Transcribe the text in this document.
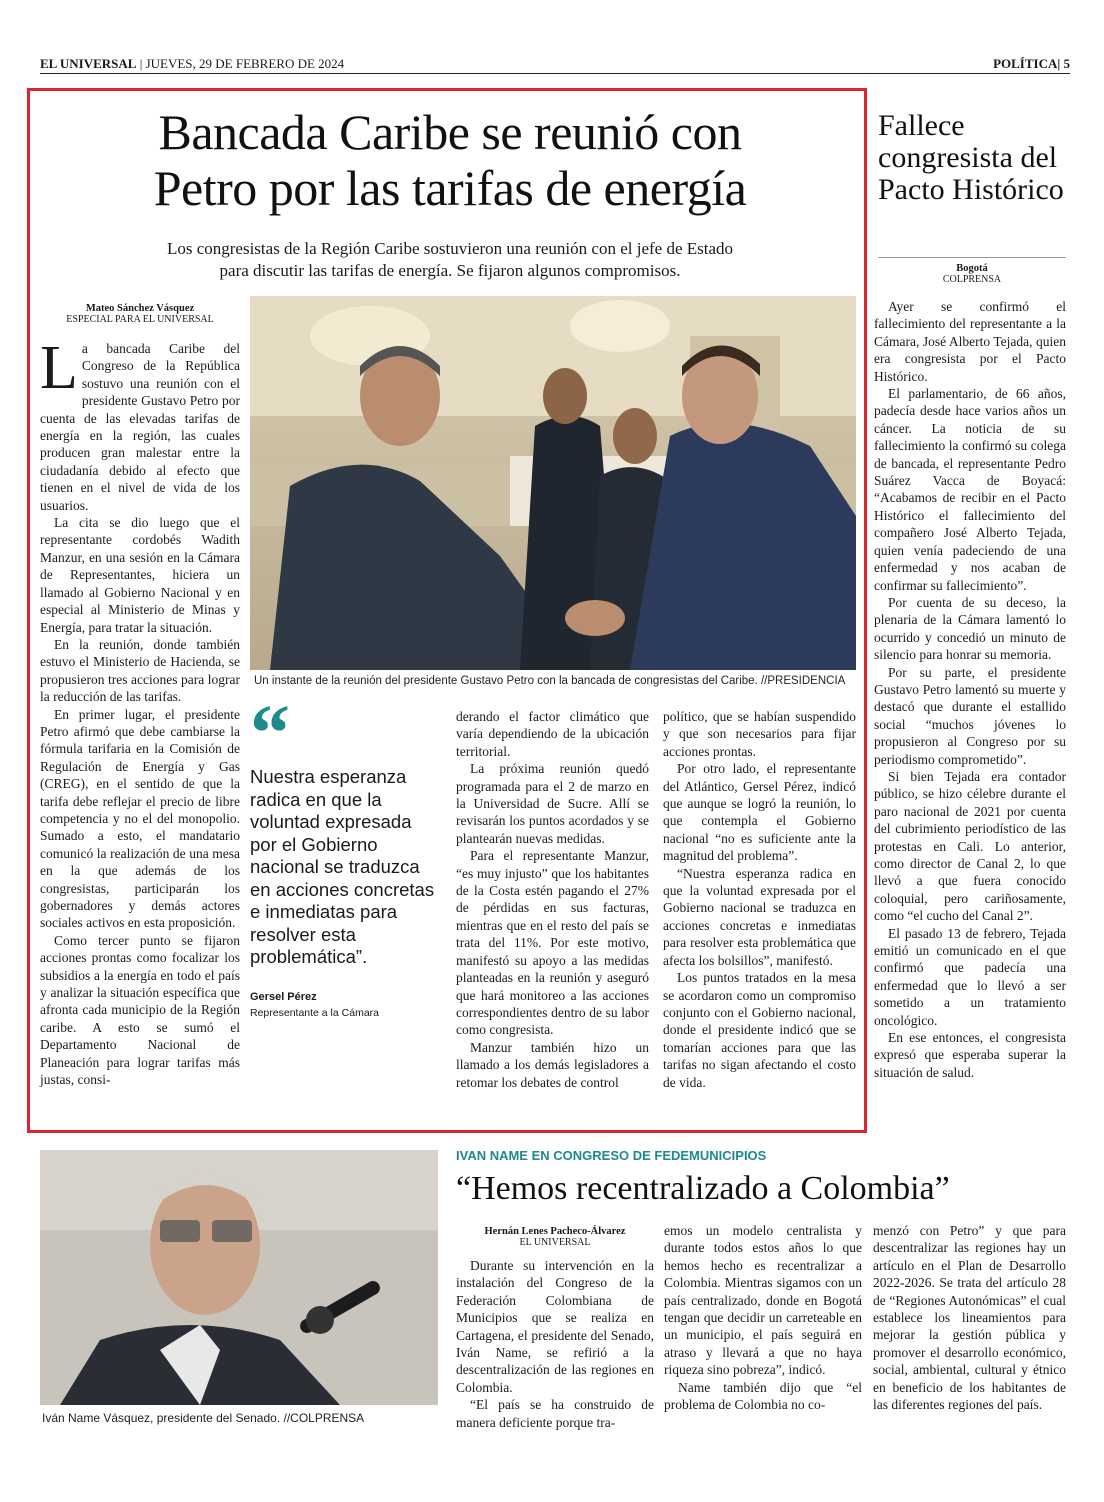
EL UNIVERSAL | JUEVES, 29 DE FEBRERO DE 2024	POLÍTICA| 5
Bancada Caribe se reunió con
Petro por las tarifas de energía
Los congresistas de la Región Caribe sostuvieron una reunión con el jefe de Estado
para discutir las tarifas de energía. Se fijaron algunos compromisos.
Mateo Sánchez Vásquez
ESPECIAL PARA EL UNIVERSAL

La bancada Caribe del Congreso de la República sostuvo una reunión con el presidente Gustavo Petro por cuenta de las elevadas tarifas de energía en la región, las cuales producen gran malestar entre la ciudadanía debido al efecto que tienen en el nivel de vida de los usuarios.

La cita se dio luego que el representante cordobés Wadith Manzur, en una sesión en la Cámara de Representantes, hiciera un llamado al Gobierno Nacional y en especial al Ministerio de Minas y Energía, para tratar la situación.

En la reunión, donde también estuvo el Ministerio de Hacienda, se propusieron tres acciones para lograr la reducción de las tarifas.

En primer lugar, el presidente Petro afirmó que debe cambiarse la fórmula tarifaria en la Comisión de Regulación de Energía y Gas (CREG), en el sentido de que la tarifa debe reflejar el precio de libre competencia y no el del monopolio. Sumado a esto, el mandatario comunicó la realización de una mesa en la que además de los congresistas, participarán los gobernadores y demás actores sociales activos en esta proposición.

Como tercer punto se fijaron acciones prontas como focalizar los subsidios a la energía en todo el país y analizar la situación específica que afronta cada municipio de la Región caribe. A esto se sumó el Departamento Nacional de Planeación para lograr tarifas más justas, consi-

Un instante de la reunión del presidente Gustavo Petro con la bancada de congresistas del Caribe. //PRESIDENCIA
“
Nuestra esperanza radica en que la voluntad expresada por el Gobierno nacional se traduzca en acciones concretas e inmediatas para resolver esta problemática”.
Gersel Pérez
Representante a la Cámara

derando el factor climático que varía dependiendo de la ubicación territorial.

La próxima reunión quedó programada para el 2 de marzo en la Universidad de Sucre. Allí se revisarán los puntos acordados y se plantearán nuevas medidas.

Para el representante Manzur, “es muy injusto” que los habitantes de la Costa estén pagando el 27% de pérdidas en sus facturas, mientras que en el resto del país se trata del 11%. Por este motivo, manifestó su apoyo a las medidas planteadas en la reunión y aseguró que hará monitoreo a las acciones correspondientes dentro de su labor como congresista.

Manzur también hizo un llamado a los demás legisladores a retomar los debates de control

político, que se habían suspendido y que son necesarios para fijar acciones prontas.

Por otro lado, el representante del Atlántico, Gersel Pérez, indicó que aunque se logró la reunión, lo que contempla el Gobierno nacional “no es suficiente ante la magnitud del problema”.

“Nuestra esperanza radica en que la voluntad expresada por el Gobierno nacional se traduzca en acciones concretas e inmediatas para resolver esta problemática que afecta los bolsillos”, manifestó.

Los puntos tratados en la mesa se acordaron como un compromiso conjunto con el Gobierno nacional, donde el presidente indicó que se tomarían acciones para que las tarifas no sigan afectando el costo de vida.

Fallece congresista del Pacto Histórico
Bogotá
COLPRENSA

Ayer se confirmó el fallecimiento del representante a la Cámara, José Alberto Tejada, quien era congresista por el Pacto Histórico.

El parlamentario, de 66 años, padecía desde hace varios años un cáncer. La noticia de su fallecimiento la confirmó su colega de bancada, el representante Pedro Suárez Vacca de Boyacá: “Acabamos de recibir en el Pacto Histórico el fallecimiento del compañero José Alberto Tejada, quien venía padeciendo de una enfermedad y nos acaban de confirmar su fallecimiento”.

Por cuenta de su deceso, la plenaria de la Cámara lamentó lo ocurrido y concedió un minuto de silencio para honrar su memoria.

Por su parte, el presidente Gustavo Petro lamentó su muerte y destacó que durante el estallido social “muchos jóvenes lo propusieron al Congreso por su periodismo comprometido”.

Si bien Tejada era contador público, se hizo célebre durante el paro nacional de 2021 por cuenta del cubrimiento periodístico de las protestas en Cali. Lo anterior, como director de Canal 2, lo que llevó a que fuera conocido coloquial, pero cariñosamente, como “el cucho del Canal 2”.

El pasado 13 de febrero, Tejada emitió un comunicado en el que confirmó que padecía una enfermedad que lo llevó a ser sometido a un tratamiento oncológico.

En ese entonces, el congresista expresó que esperaba superar la situación de salud.

Iván Name Vásquez, presidente del Senado. //COLPRENSA
IVAN NAME EN CONGRESO DE FEDEMUNICIPIOS
“Hemos recentralizado a Colombia”
Hernán Lenes Pacheco-Álvarez
EL UNIVERSAL

Durante su intervención en la instalación del Congreso de la Federación Colombiana de Municipios que se realiza en Cartagena, el presidente del Senado, Iván Name, se refirió a la descentralización de las regiones en Colombia.

“El país se ha construido de manera deficiente porque tra-

emos un modelo centralista y durante todos estos años lo que hemos hecho es recentralizar a Colombia. Mientras sigamos con un país centralizado, donde en Bogotá tengan que decidir un carreteable en un municipio, el país seguirá en atraso y llevará a que no haya riqueza sino pobreza”, indicó.

Name también dijo que “el problema de Colombia no co-

menzó con Petro” y que para descentralizar las regiones hay un artículo en el Plan de Desarrollo 2022-2026. Se trata del artículo 28 de “Regiones Autonómicas” el cual establece los lineamientos para mejorar la gestión pública y promover el desarrollo económico, social, ambiental, cultural y étnico en beneficio de los habitantes de las diferentes regiones del país.
